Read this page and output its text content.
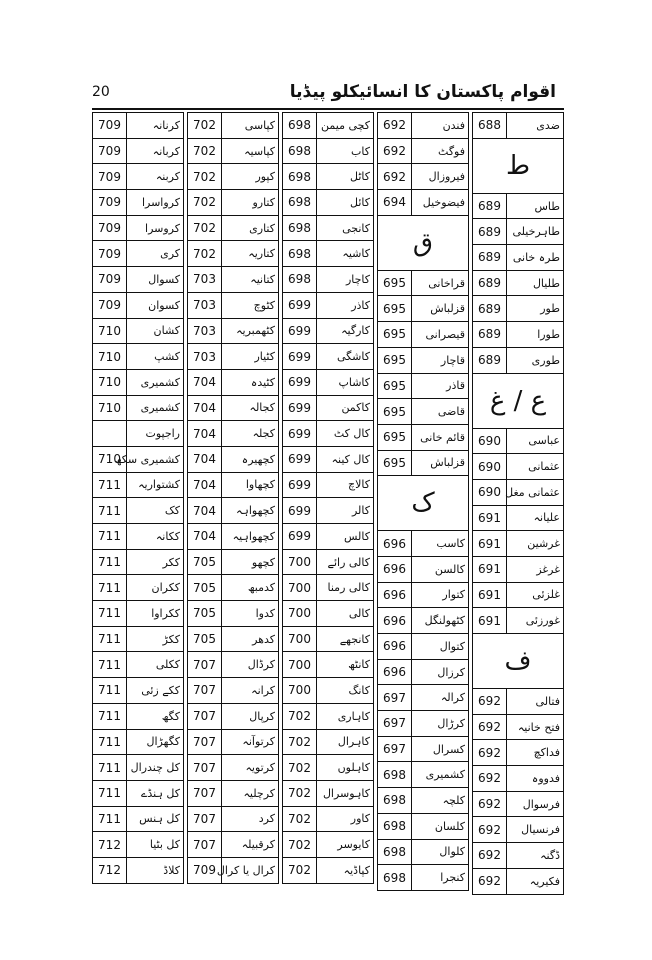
اقوام پاکستان کا انسائیکلو پیڈیا
20
688	ضدی
ط	
689	طاس
689	طاہرخیلی
689	طرہ خانی
689	طلیال
689	طور
689	طورا
689	طوری
ع / غ	
690	عباسی
690	عثمانی
690	عثمانی مغل
691	علیانہ
691	غرشین
691	غرغز
691	غلزئی
691	غورزئی
ف	
692	فتالی
692	فتح خانیہ
692	فداکچ
692	فدووہ
692	فرسوال
692	فرنسیال
692	ڈگنہ
692	فکیریہ
692	فندن
692	فوگٹ
692	فیروزال
694	فیضوخیل
ق	
695	قراخانی
695	قزلباش
695	قیصرانی
695	قاچار
695	قاذر
695	قاضی
695	قائم خانی
695	قزلباش
ک	
696	کاسب
696	کالسن
696	کتوار
696	کٹھولنگل
696	کتوال
696	کرزال
697	کرالہ
697	کرڑال
697	کسرال
698	کشمیری
698	کلچہ
698	کلسان
698	کلوال
698	کنجرا
698	کچی میمن
698	کاب
698	کاٹل
698	کائل
698	کانجی
698	کاشیہ
698	کاچار
699	کاذر
699	کارگیہ
699	کاشگی
699	کاشاپ
699	کاکمن
699	کال کٹ
699	کال کینہ
699	کالاچ
699	کالر
699	کالس
700	کالی رائے
700	کالی رمنا
700	کالی
700	کانجھے
700	کانٹھ
700	کانگ
702	کاہاری
702	کاہرال
702	کاہلوں
702	کاہوسرال
702	کاور
702	کایوسر
702	کپاڈیہ
702	کپاسی
702	کپاسیہ
702	کپور
702	کتارو
702	کتاری
702	کتاریہ
703	کتانیہ
703	کٹوچ
703	کٹھمبریہ
703	کٹیار
704	کٹیدہ
704	کجالہ
704	کجلہ
704	کچھیرہ
704	کچھاوا
704	کچھواہہ
704	کچھواہیہ
705	کچھو
705	کدمبھ
705	کدوا
705	کدھر
707	کرڈال
707	کرانہ
707	کرپال
707	کرتوآنہ
707	کرتویہ
707	کرچلیہ
707	کرد
707	کرقبیلہ
709	کرال یا کرال
709	کرنانہ
709	کربانہ
709	کربنہ
709	کرواسرا
709	کروسرا
709	کری
709	کسوال
709	کسوان
710	کشان
710	کشپ
710	کشمیری
710	کشمیری
	راجپوت
710	کشمیری سکھ
711	کشتواریہ
711	کک
711	ککانہ
711	ککر
711	ککران
711	ککراوا
711	ککڑ
711	ککلی
711	ککے زئی
711	کگھ
711	کگھڑال
711	کل چندرال
711	کل ہنڈے
711	کل ہنس
712	کل بٹیا
712	کلاڈ
